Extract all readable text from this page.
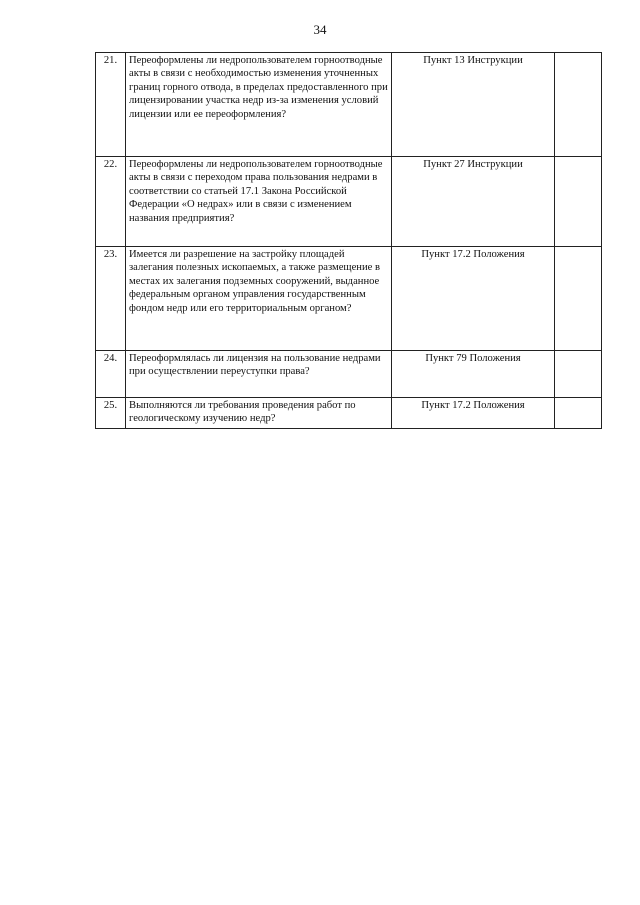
34
21.	Переоформлены ли недропользователем горноотводные акты в связи с необходимостью изменения уточненных границ горного отвода, в пределах предоставленного при лицензировании участка недр из-за изменения условий лицензии или ее переоформления?	Пункт 13 Инструкции	
22.	Переоформлены ли недропользователем горноотводные акты в связи с переходом права пользования недрами в соответствии со статьей 17.1 Закона Российской Федерации «О недрах» или в связи с изменением названия предприятия?	Пункт 27 Инструкции	
23.	Имеется ли разрешение на застройку площадей залегания полезных ископаемых, а также размещение в местах их залегания подземных сооружений, выданное федеральным органом управления государственным фондом недр или его территориальным органом?	Пункт 17.2 Положения	
24.	Переоформлялась ли лицензия на пользование недрами при осуществлении переуступки права?	Пункт 79 Положения	
25.	Выполняются ли требования проведения работ по геологическому изучению недр?	Пункт 17.2 Положения	
